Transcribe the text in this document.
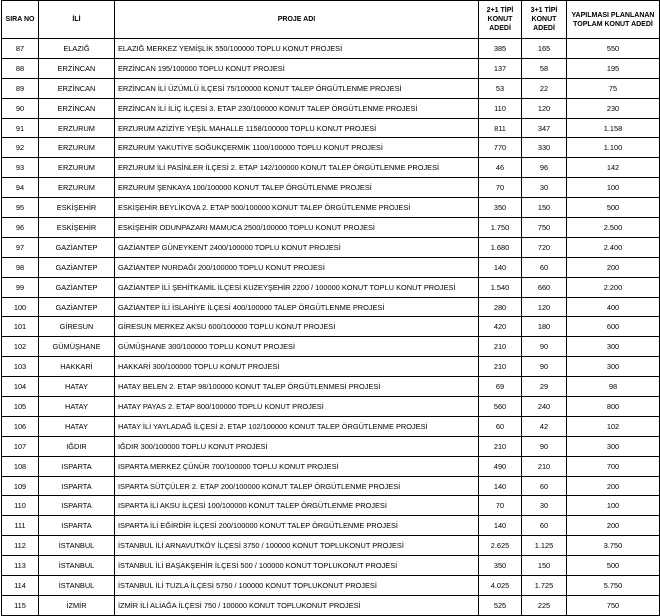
SIRA NO	İLİ	PROJE ADI	2+1 TİPİ KONUT ADEDİ	3+1 TİPİ KONUT ADEDİ	YAPILMASI PLANLANAN TOPLAM KONUT ADEDİ
87	ELAZIĞ	ELAZIĞ MERKEZ YEMİŞLİK 550/100000 TOPLU KONUT PROJESİ	385	165	550
88	ERZİNCAN	ERZİNCAN 195/100000 TOPLU KONUT PROJESİ	137	58	195
89	ERZİNCAN	ERZİNCAN İLİ ÜZÜMLÜ İLÇESİ 75/100000 KONUT TALEP ÖRGÜTLENME PROJESİ	53	22	75
90	ERZİNCAN	ERZİNCAN İLİ İLİÇ İLÇESİ 3. ETAP 230/100000 KONUT TALEP ÖRGÜTLENME PROJESİ	110	120	230
91	ERZURUM	ERZURUM AZİZİYE YEŞİL MAHALLE 1158/100000 TOPLU KONUT PROJESİ	811	347	1.158
92	ERZURUM	ERZURUM YAKUTİYE SOĞUKÇERMİK 1100/100000 TOPLU KONUT PROJESİ	770	330	1.100
93	ERZURUM	ERZURUM İLİ PASİNLER İLÇESİ 2. ETAP 142/100000 KONUT TALEP ÖRGÜTLENME PROJESİ	46	96	142
94	ERZURUM	ERZURUM ŞENKAYA 100/100000 KONUT TALEP ÖRGÜTLENME PROJESİ	70	30	100
95	ESKİŞEHİR	ESKİŞEHİR BEYLİKOVA 2. ETAP 500/100000 KONUT TALEP ÖRGÜTLENME PROJESİ	350	150	500
96	ESKİŞEHİR	ESKİŞEHİR ODUNPAZARI MAMUCA 2500/100000 TOPLU KONUT PROJESİ	1.750	750	2.500
97	GAZİANTEP	GAZİANTEP GÜNEYKENT 2400/100000 TOPLU KONUT PROJESİ	1.680	720	2.400
98	GAZİANTEP	GAZİANTEP NURDAĞI 200/100000 TOPLU KONUT PROJESİ	140	60	200
99	GAZİANTEP	GAZİANTEP İLİ ŞEHİTKAMİL İLÇESİ KUZEYŞEHİR 2200 / 100000 KONUT TOPLU KONUT PROJESİ	1.540	660	2.200
100	GAZİANTEP	GAZİANTEP İLİ İSLAHİYE İLÇESİ 400/100000 TALEP ÖRGÜTLENME PROJESİ	280	120	400
101	GİRESUN	GİRESUN MERKEZ AKSU 600/100000 TOPLU KONUT PROJESİ	420	180	600
102	GÜMÜŞHANE	GÜMÜŞHANE 300/100000 TOPLU KONUT PROJESİ	210	90	300
103	HAKKARİ	HAKKARİ 300/100000 TOPLU KONUT PROJESİ	210	90	300
104	HATAY	HATAY BELEN 2. ETAP 98/100000 KONUT TALEP ÖRGÜTLENMESİ PROJESİ	69	29	98
105	HATAY	HATAY PAYAS 2. ETAP 800/100000 TOPLU KONUT PROJESİ	560	240	800
106	HATAY	HATAY İLİ YAYLADAĞ İLÇESİ 2. ETAP 102/100000 KONUT TALEP ÖRGÜTLENME PROJESİ	60	42	102
107	IĞDIR	IĞDIR 300/100000 TOPLU KONUT PROJESİ	210	90	300
108	ISPARTA	ISPARTA MERKEZ ÇÜNÜR 700/100000 TOPLU KONUT PROJESİ	490	210	700
109	ISPARTA	ISPARTA SÜTÇÜLER 2. ETAP 200/100000 KONUT TALEP ÖRGÜTLENME PROJESİ	140	60	200
110	ISPARTA	ISPARTA İLİ AKSU İLÇESİ 100/100000 KONUT TALEP ÖRGÜTLENME PROJESİ	70	30	100
111	ISPARTA	ISPARTA İLİ EĞİRDİR İLÇESİ 200/100000 KONUT TALEP ÖRGÜTLENME PROJESİ	140	60	200
112	İSTANBUL	İSTANBUL İLİ ARNAVUTKÖY İLÇESİ 3750 / 100000 KONUT TOPLUKONUT PROJESİ	2.625	1.125	3.750
113	İSTANBUL	İSTANBUL İLİ BAŞAKŞEHİR İLÇESİ 500 / 100000 KONUT TOPLUKONUT PROJESİ	350	150	500
114	İSTANBUL	İSTANBUL İLİ TUZLA İLÇESİ 5750 / 100000 KONUT TOPLUKONUT PROJESİ	4.025	1.725	5.750
115	İZMİR	İZMİR İLİ ALİAĞA İLÇESİ 750 / 100000 KONUT TOPLUKONUT PROJESİ	525	225	750
